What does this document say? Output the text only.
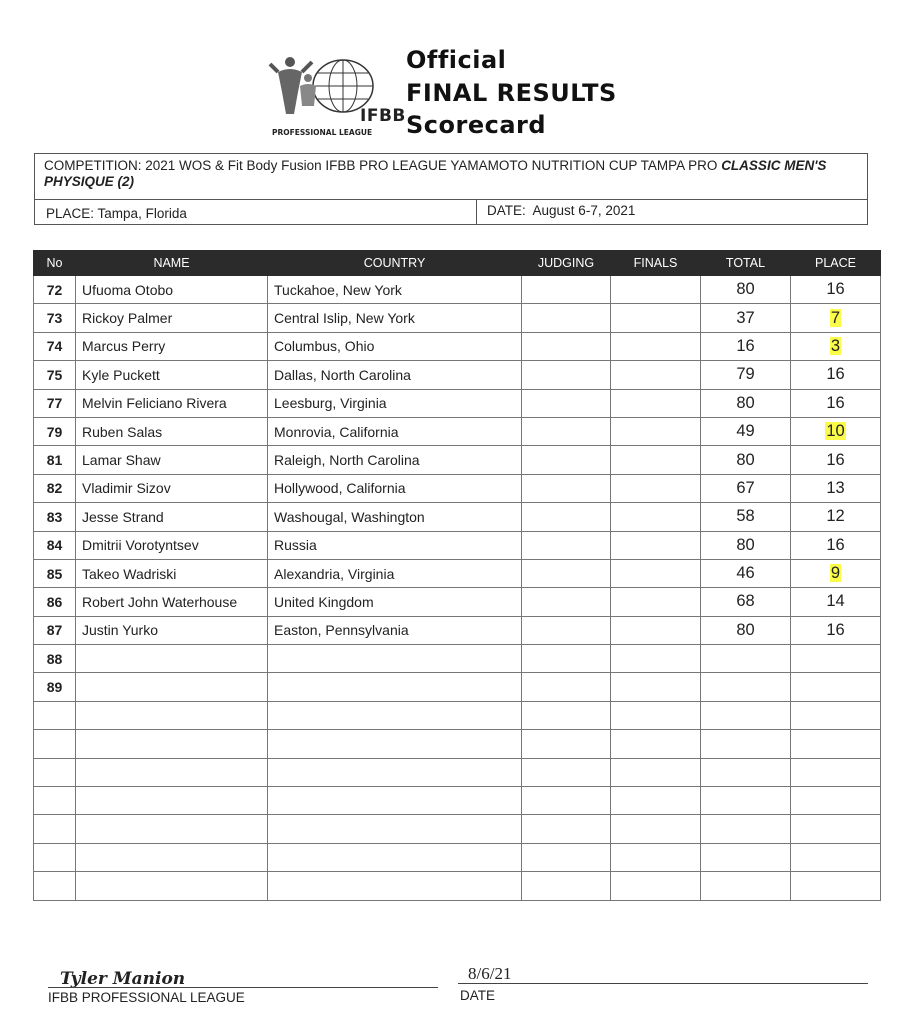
IFBB
PROFESSIONAL LEAGUE
Official
FINAL RESULTS
Scorecard
COMPETITION: 2021 WOS & Fit Body Fusion IFBB PRO LEAGUE YAMAMOTO NUTRITION CUP TAMPA PRO CLASSIC MEN'S PHYSIQUE (2)
PLACE: Tampa, Florida	DATE: August 6-7, 2021
No	NAME	COUNTRY	JUDGING	FINALS	TOTAL	PLACE
72	Ufuoma Otobo	Tuckahoe, New York			80	16
73	Rickoy Palmer	Central Islip, New York			37	7
74	Marcus Perry	Columbus, Ohio			16	3
75	Kyle Puckett	Dallas, North Carolina			79	16
77	Melvin Feliciano Rivera	Leesburg, Virginia			80	16
79	Ruben Salas	Monrovia, California			49	10
81	Lamar Shaw	Raleigh, North Carolina			80	16
82	Vladimir Sizov	Hollywood, California			67	13
83	Jesse Strand	Washougal, Washington			58	12
84	Dmitrii Vorotyntsev	Russia			80	16
85	Takeo Wadriski	Alexandria, Virginia			46	9
86	Robert John Waterhouse	United Kingdom			68	14
87	Justin Yurko	Easton, Pennsylvania			80	16
88						
89						

Tyler Manion
IFBB PROFESSIONAL LEAGUE
8/6/21
DATE
